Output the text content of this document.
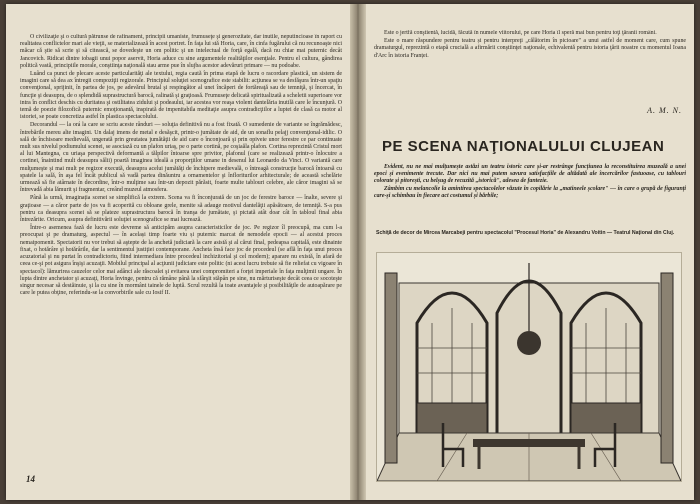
O civilizaţie şi o cultură pătrunse de rafinament, principii umaniste, frumuseţe şi generozitate, dar inutile, neputincioase în raport cu realitatea conflictelor mari ale vieţii, se materializează în acest portret. În faţa lui stă Horia, care, în cinfa fugărului că nu recunoaşte nici măcar că ştie să scrie şi să citească, se dovedeşte un om politic şi un intelectual de forţă egală, dacă nu chiar mai puternic decât Jancovich. Ridicat dintre iobagii unui popor aservit, Horia aduce cu sine argumentele realităţilor esenţiale. Pentru el cultura, gândirea politică vastă, principiile morale, conştiinţa naţională stau arme pue în slujba acestor adevăruri primare — nu podoabe.

Luând ca punct de plecare aceste particularităţi ale textului, regia caută în prima etapă de lucru o racordare plastică, un sistem de imagini care să dea ax întregii compoziţii regizorale. Principiul soluţiei scenografice este stabilit: acţiunea se va desfăşura într-un spaţiu convenţional, sprijinit, în partea de jos, pe adevărul brutal şi respingător al unei încăperi de fortăreaţă sau de temniţă, şi încercat, în funcţie şi deasupra, de o splendidă suprastructură barocă, ralinată şi graţioasă. Frumuseţe delicată spiritualizată a scheletii superioare vor intra în conflict deschis cu duritatea şi ostilitatea zidului şi podeaului, iar acestea vor reaşa violent dantelăria inutilă care le încunjură. O temă de poezie filozofică puternic emoţionantă, inspirată de impenitabila meditaţie asupra contradicţiilor a luptei de clasă ca motor al istoriei, se poate concretiza astfel în plastica spectacolului.

Decorandul — la orá la care se scriu aceste rânduri — soluţia definitivă nu a fost fixată. O sumedenie de variante se îngrămădesc, întrebările mereu alte imagini. Un dalaj imens de metal e desăşcit, printr-o jumătate de aid, de un sonaflu pelajj convenţional-idilic. O sală de închisoare medievală, ungerată prin greutatea jumătăţii de aid care o înconjoară şi prin opiveie unor ferestre ce par continuate mult sus nivelul podiumului scenei, se asociază cu un plafon uriaş, pe o parte cortină, pe coşiaăla plafon. Cortina reprezintă Cristul mort al lui Mantegna, cu uriaşa perspectivă deformantă a tălpilor întoarse spre privitor, plafonul (care se realizează printr-o înlocuire a cortinei, înaintind mult deasupra sălii) poartă imaginea ideală a proporţiilor umane in desenul lui Leonardo da Vinci. O variantă care mulţumeşte şi mai mult pe regizor execută, deasupra acelui jumătăţi de închipere medievală, o întreagă construcţie barocă întoarsă cu spatele la sală, în aşa fel încât publicul să vadă partea dinăuntru a ornamentelor şi înfloriturilor arhitecturale; de această schelărie urmează să fie atârnate în decordine, într-o mulţime sau într-un depozit părăsit, foarte multe tablouri celebre, ale căror imagini să se întrevadă abia lămurit şi fragmentar, creând muzeul atmosfera.

Până la urmă, imaginația scenei se simplifică la extrem. Scena va fi înconjurată de un joc de ferestre baroce — înalte, severe şi graţioase — a căror parte de jos va fi acoperită cu obloane grele, menite să adauge motivul dantelăţii apăsătoare, de temniţă. S-a pus pentru ca deasupra scenei să se plateze suprastructura barocă în tranşa de jumătate, şi pictată atât doar cât în tabloul final abia întrezărite. Oricum, asupra definitivării soluţiei scenografice se mai lucrează.

Între-o asemenea fază de lucru este devreme să anticipăm asupra caracteristicilor de joc. Pe regizor îl preocupă, ma cum l-a preocupat şi pe dramaturg, aspectul — în același timp foarte viu și puternic marcat de nemodele epocii — al acestui proces nemaipomenit. Spectatorii nu vor trebui să aştepte de la anchetă judiciară la care asistă şi al cărui final, pedeapsa capitală, este dinainte fixat, o hotărâre şi hotărârile, dar la sentimentul justiţiei contemporane. Ancheta însă face joc de procedeul (se află în faţa unui proces acuzatorial şi nu purtat în contradictoriu, fiind intermediara între procedeul inchizitorial şi cel modern); aparare nu există, în afară de ceea ce-şi pot asigura înşişi acuzaţii. Mobilul principal al acţiunii judiciare este politic (ni acest lucru trebuie să fie reliefat cu vigoare în spectacol): lămurirea cauzelor celor mai adânci ale răscoalei şi evitarea unei compromiteri a forţei imperiale în faţa mulţimii ungare. În lupta dintre anchetator şi acuzaţi, Horia învinge, pentru că rămâne până la sfârşit stăpân pe sine, nu mărturiseşte decât ceea ce socoteşte singur necesar să destăinuie, şi la cu sine în mormânt tainele de luptă. Scrul rezultă la toate avantajele şi posibilităţile de autoapărare pe care le putea obţine, referindu-se la convorbirile sale cu Iosif II.

14

Este o jertfă conştientă, lucidă, făcută în numele viitorului, pe care Horia îl speră mai bun pentru toţi ţăranii români.

Este o mare răspundere pentru teatru și pentru interpreţi „călătorim în picioare" a unui astfel de moment care, cum spune dramaturgul, reprezintă o etapă crucială a afirmării conştiinţei naţionale, echivalentă pentru istoria ţării noastre cu momentul Ioana d'Arc în istoria Franței.

A. M. N.
PE SCENA NAŢIONALULUI CLUJEAN

Evident, nu ne mai mulțumește astăzi un teatru istoric care și-ar restrânge funcțiunea la reconstituirea muzeală a unei epoci și evenimente trecute. Dar nici nu mai putem savura satisfacțiile de altădată ale încercărilor fastuoase, cu tablouri colorate și pitorești, cu belșug de recuzită „istorică", adesea de fantezie.

Zâmbim cu melancolie la amintirea spectacolelor văzute în copilărie la „matineele școlare" — în care o grupă de figuranți care-și schimbau în fiecare act costumul și bărbile;

Schiţă de decor de Mircea Marcabeji pentru spectacolul "Procesul Horia" de Alexandru Voitin — Teatrul Naţional din Cluj.
